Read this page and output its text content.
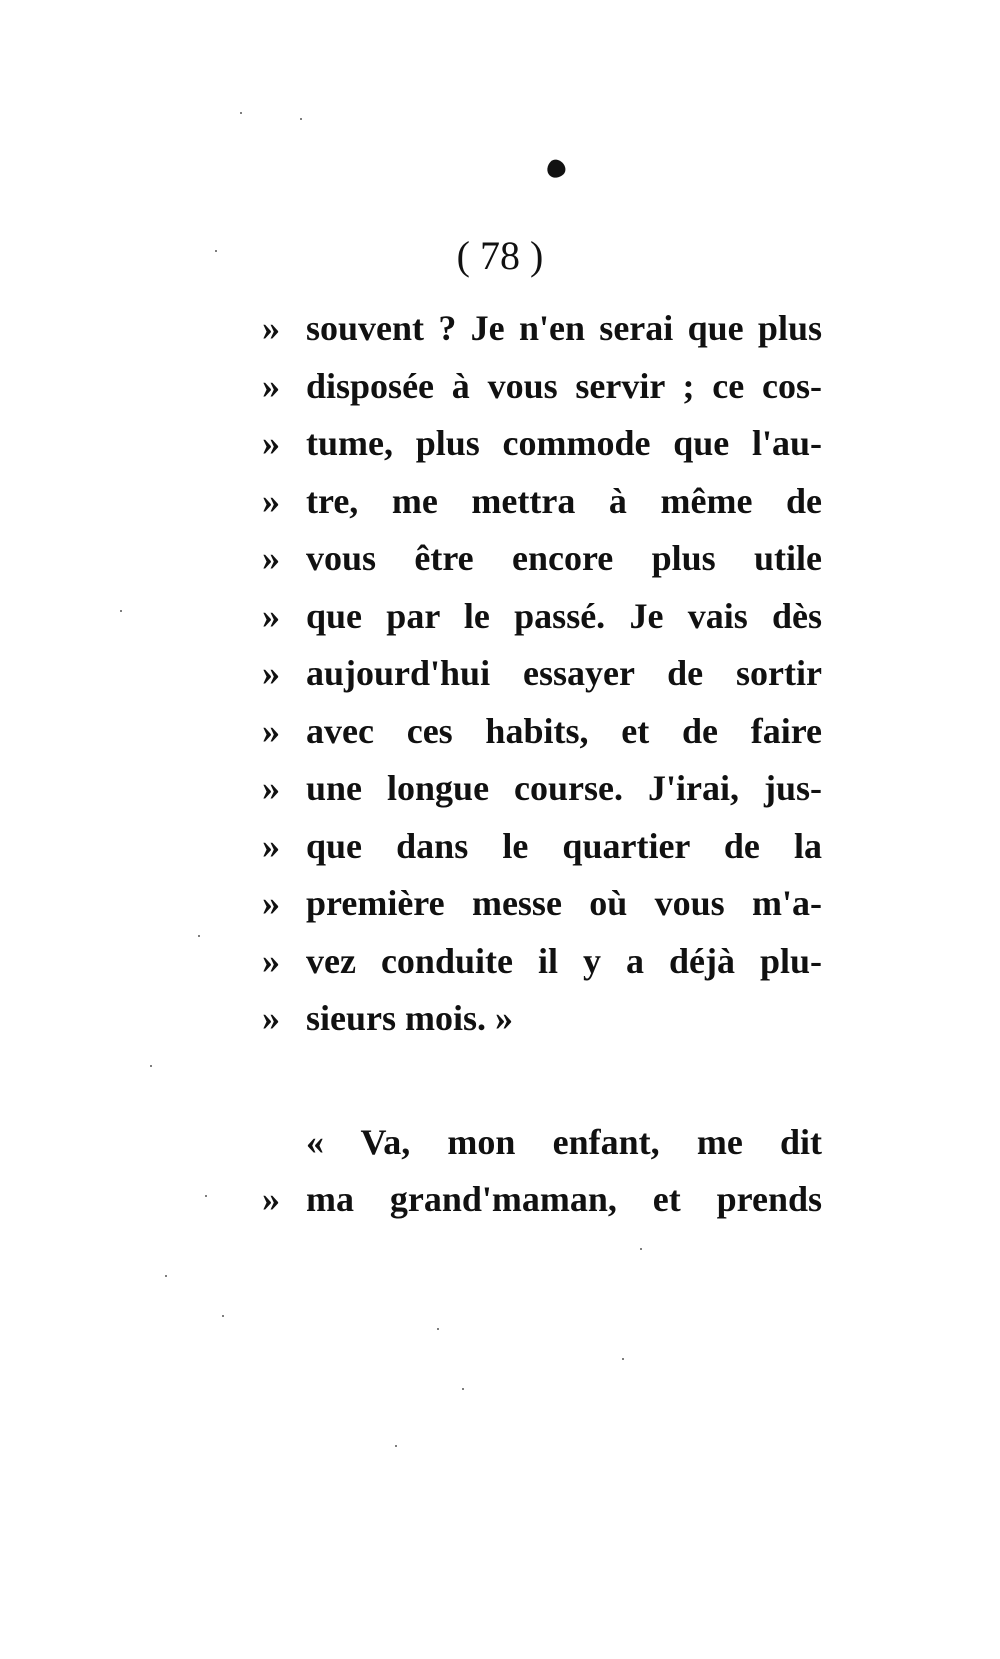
( 78 )
» souvent ? Je n'en serai que plus
» disposée à vous servir ; ce cos-
» tume, plus commode que l'au-
» tre, me mettra à même de
» vous être encore plus utile
» que par le passé. Je vais dès
» aujourd'hui essayer de sortir
» avec ces habits, et de faire
» une longue course. J'irai, jus-
» que dans le quartier de la
» première messe où vous m'a-
» vez conduite il y a déjà plu-
» sieurs mois. »
« Va, mon enfant, me dit
» ma grand'maman, et prends
